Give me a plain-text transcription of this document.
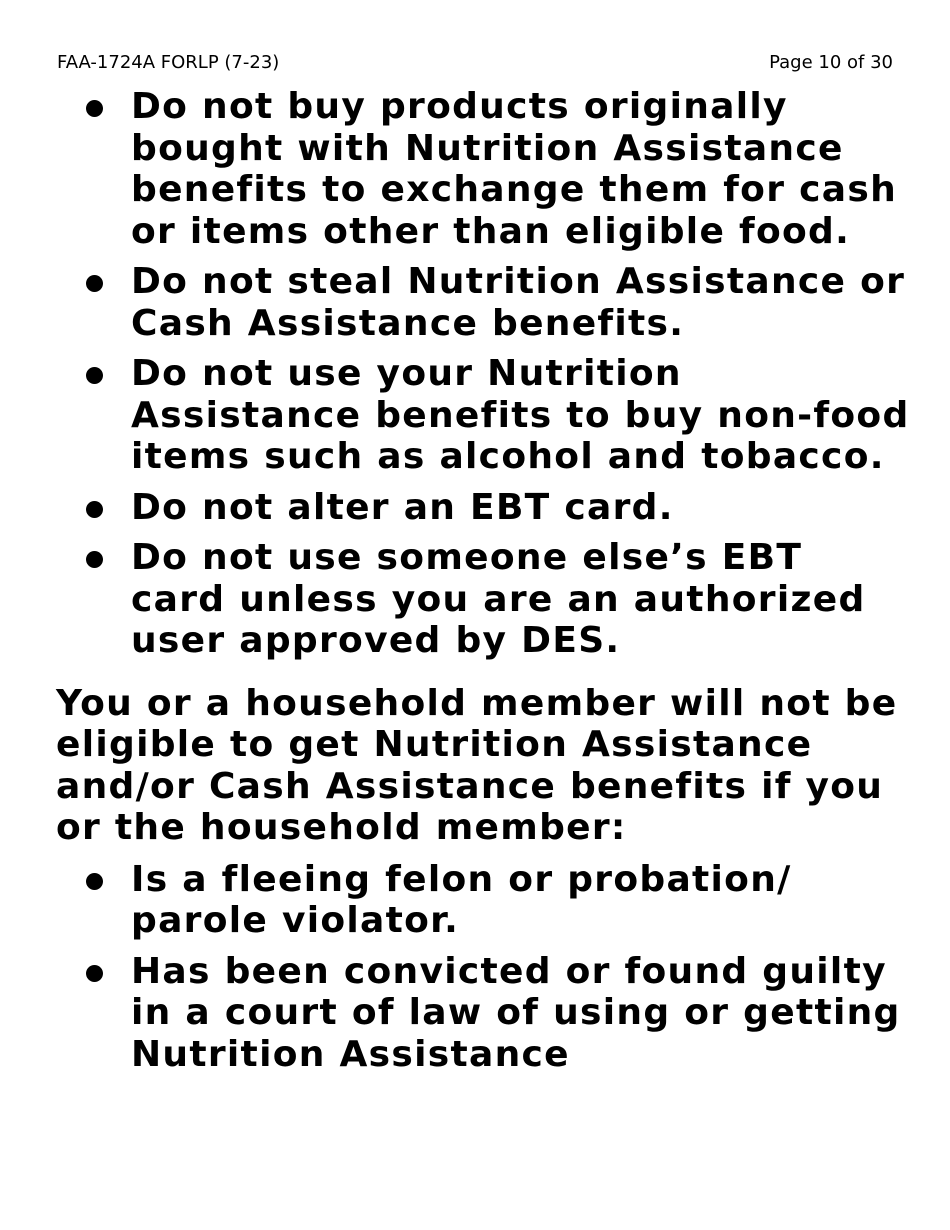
FAA-1724A FORLP (7-23)	Page 10 of 30
Do not buy products originally bought with Nutrition Assistance benefits to exchange them for cash or items other than eligible food.
Do not steal Nutrition Assistance or Cash Assistance benefits.
Do not use your Nutrition Assistance benefits to buy non-food items such as alcohol and tobacco.
Do not alter an EBT card.
Do not use someone else’s EBT card unless you are an authorized user approved by DES.

You or a household member will not be eligible to get Nutrition Assistance and/or Cash Assistance benefits if you or the household member:

Is a fleeing felon or probation/ parole violator.
Has been convicted or found guilty in a court of law of using or getting Nutrition Assistance
